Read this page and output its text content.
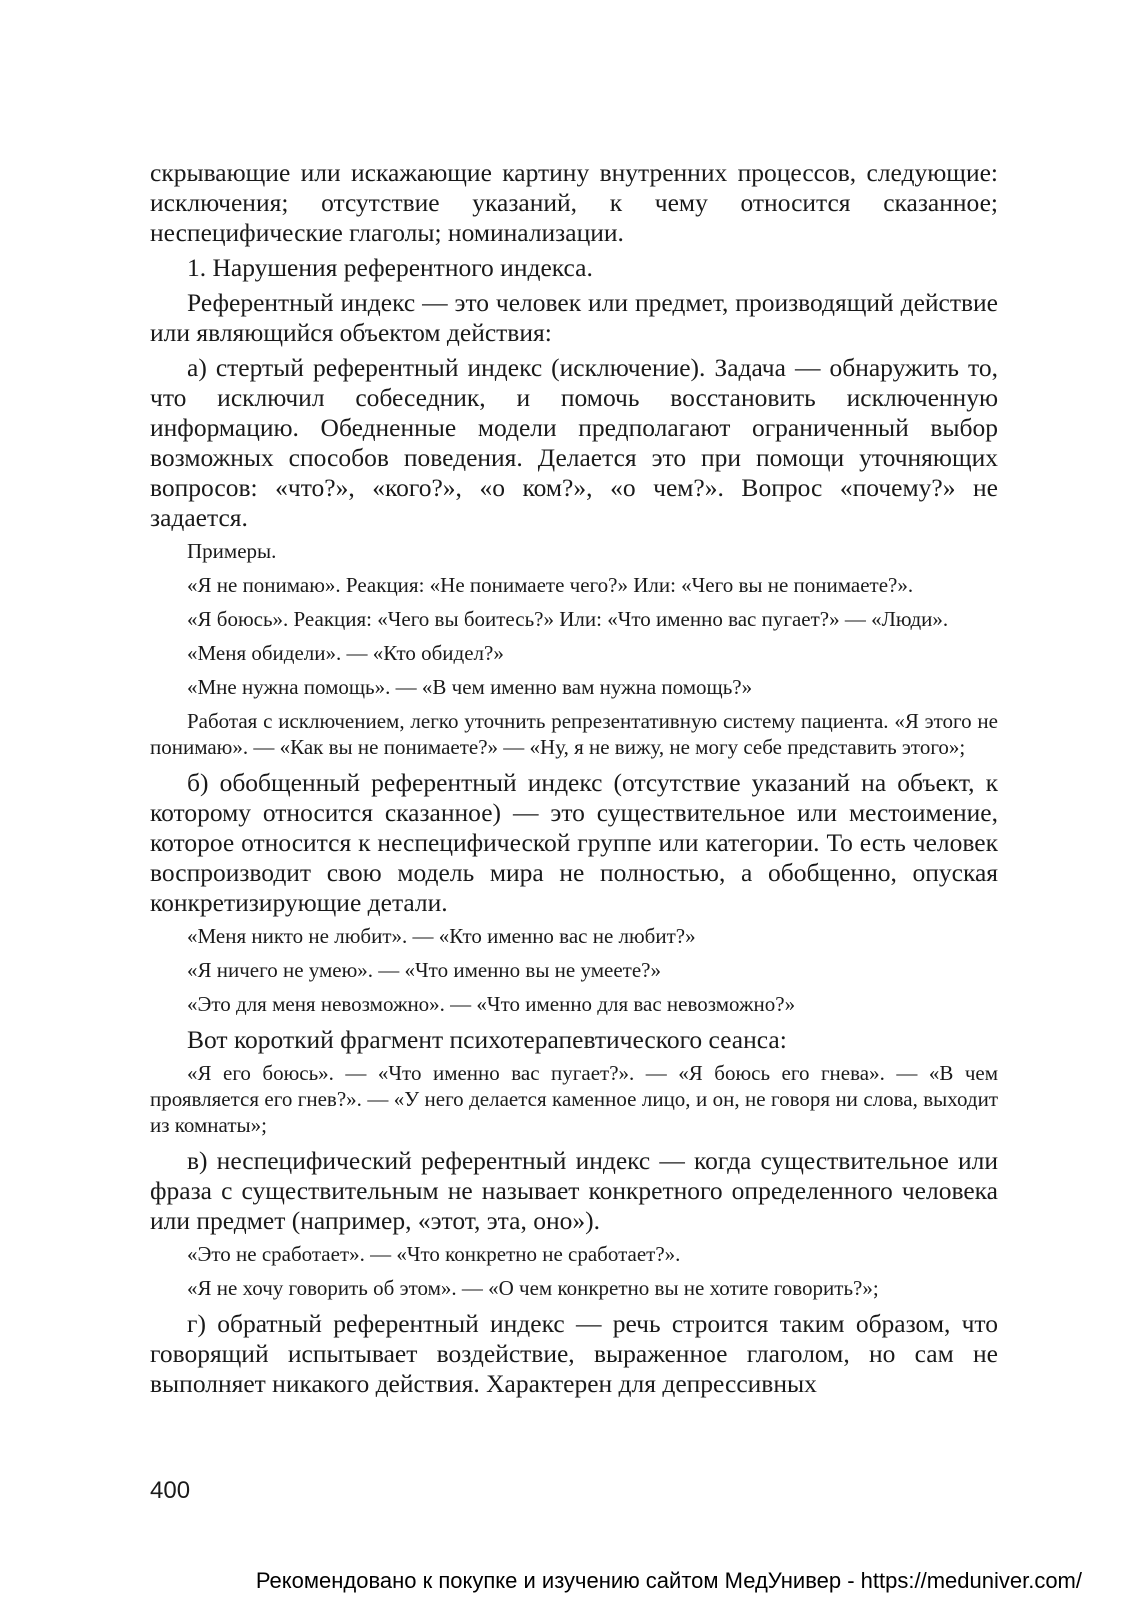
скрывающие или искажающие картину внутренних процессов, следующие: исключения; отсутствие указаний, к чему относится сказанное; неспецифические глаголы; номинализации.

1. Нарушения референтного индекса.

Референтный индекс — это человек или предмет, производящий действие или являющийся объектом действия:

а) стертый референтный индекс (исключение). Задача — обнаружить то, что исключил собеседник, и помочь восстановить исключенную информацию. Обедненные модели предполагают ограниченный выбор возможных способов поведения. Делается это при помощи уточняющих вопросов: «что?», «кого?», «о ком?», «о чем?». Вопрос «почему?» не задается.

Примеры.

«Я не понимаю». Реакция: «Не понимаете чего?» Или: «Чего вы не понимаете?».

«Я боюсь». Реакция: «Чего вы боитесь?» Или: «Что именно вас пугает?» — «Люди».

«Меня обидели». — «Кто обидел?»

«Мне нужна помощь». — «В чем именно вам нужна помощь?»

Работая с исключением, легко уточнить репрезентативную систему пациента. «Я этого не понимаю». — «Как вы не понимаете?» — «Ну, я не вижу, не могу себе представить этого»;

б) обобщенный референтный индекс (отсутствие указаний на объект, к которому относится сказанное) — это существительное или местоимение, которое относится к неспецифической группе или категории. То есть человек воспроизводит свою модель мира не полностью, а обобщенно, опуская конкретизирующие детали.

«Меня никто не любит». — «Кто именно вас не любит?»

«Я ничего не умею». — «Что именно вы не умеете?»

«Это для меня невозможно». — «Что именно для вас невозможно?»

Вот короткий фрагмент психотерапевтического сеанса:

«Я его боюсь». — «Что именно вас пугает?». — «Я боюсь его гнева». — «В чем проявляется его гнев?». — «У него делается каменное лицо, и он, не говоря ни слова, выходит из комнаты»;

в) неспецифический референтный индекс — когда существительное или фраза с существительным не называет конкретного определенного человека или предмет (например, «этот, эта, оно»).

«Это не сработает». — «Что конкретно не сработает?».

«Я не хочу говорить об этом». — «О чем конкретно вы не хотите говорить?»;

г) обратный референтный индекс — речь строится таким образом, что говорящий испытывает воздействие, выраженное глаголом, но сам не выполняет никакого действия. Характерен для депрессивных

400
Рекомендовано к покупке и изучению сайтом МедУнивер - https://meduniver.com/
